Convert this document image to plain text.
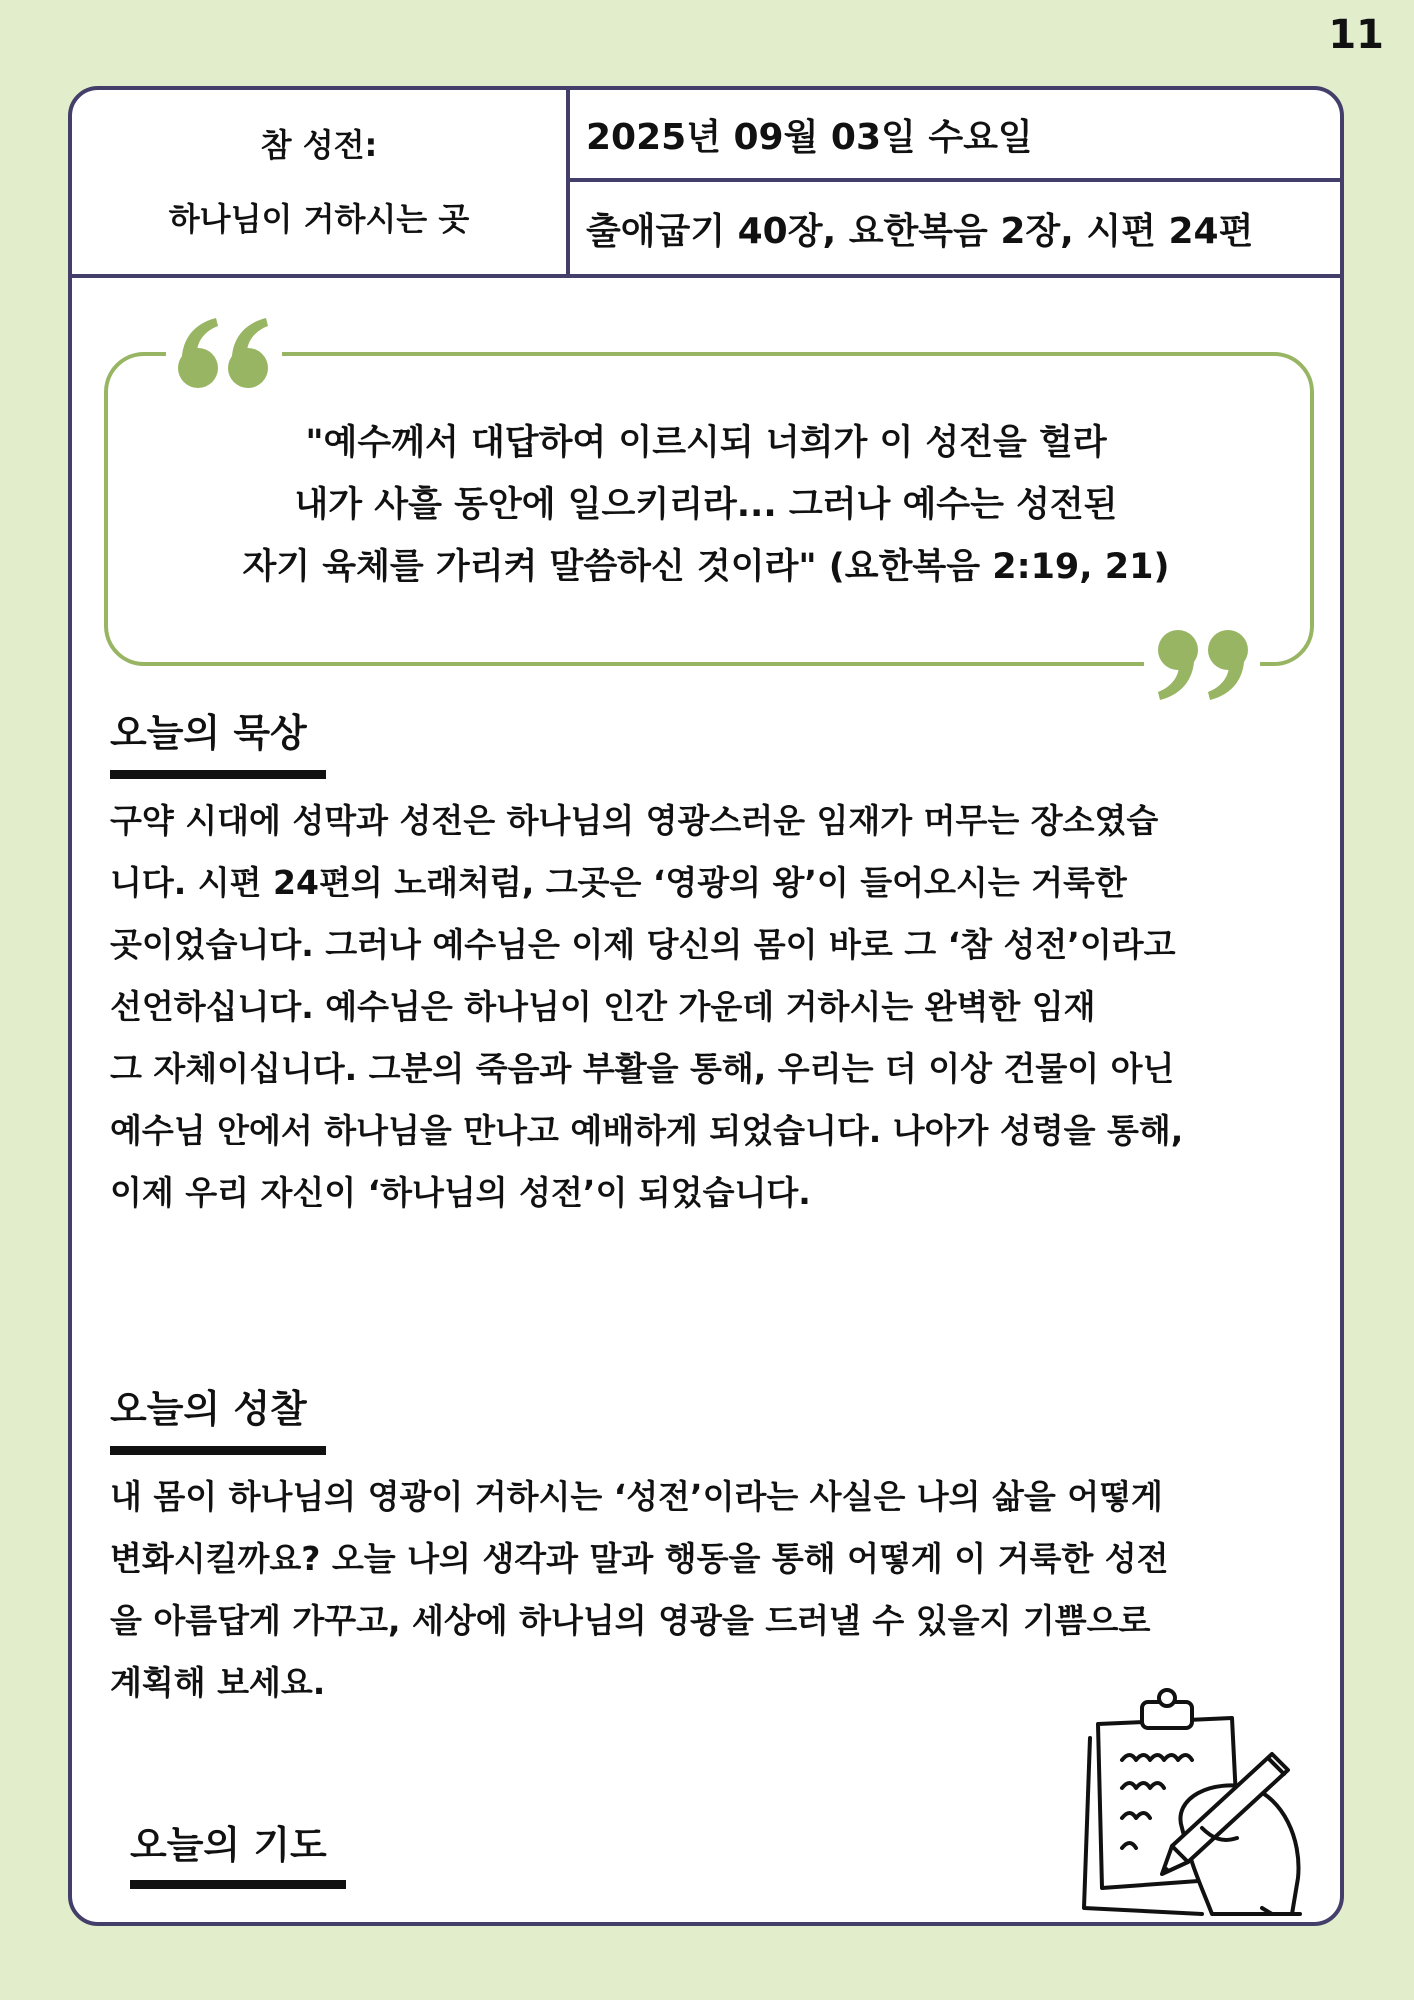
11
참 성전:
하나님이 거하시는 곳
2025년 09월 03일 수요일
출애굽기 40장, 요한복음 2장, 시편 24편
"예수께서 대답하여 이르시되 너희가 이 성전을 헐라
내가 사흘 동안에 일으키리라... 그러나 예수는 성전된
자기 육체를 가리켜 말씀하신 것이라" (요한복음 2:19, 21)
오늘의 묵상
구약 시대에 성막과 성전은 하나님의 영광스러운 임재가 머무는 장소였습
니다. 시편 24편의 노래처럼, 그곳은 ‘영광의 왕’이 들어오시는 거룩한
곳이었습니다. 그러나 예수님은 이제 당신의 몸이 바로 그 ‘참 성전’이라고
선언하십니다. 예수님은 하나님이 인간 가운데 거하시는 완벽한 임재
그 자체이십니다. 그분의 죽음과 부활을 통해, 우리는 더 이상 건물이 아닌
예수님 안에서 하나님을 만나고 예배하게 되었습니다. 나아가 성령을 통해,
이제 우리 자신이 ‘하나님의 성전’이 되었습니다.
오늘의 성찰
내 몸이 하나님의 영광이 거하시는 ‘성전’이라는 사실은 나의 삶을 어떻게
변화시킬까요? 오늘 나의 생각과 말과 행동을 통해 어떻게 이 거룩한 성전
을 아름답게 가꾸고, 세상에 하나님의 영광을 드러낼 수 있을지 기쁨으로
계획해 보세요.
오늘의 기도
